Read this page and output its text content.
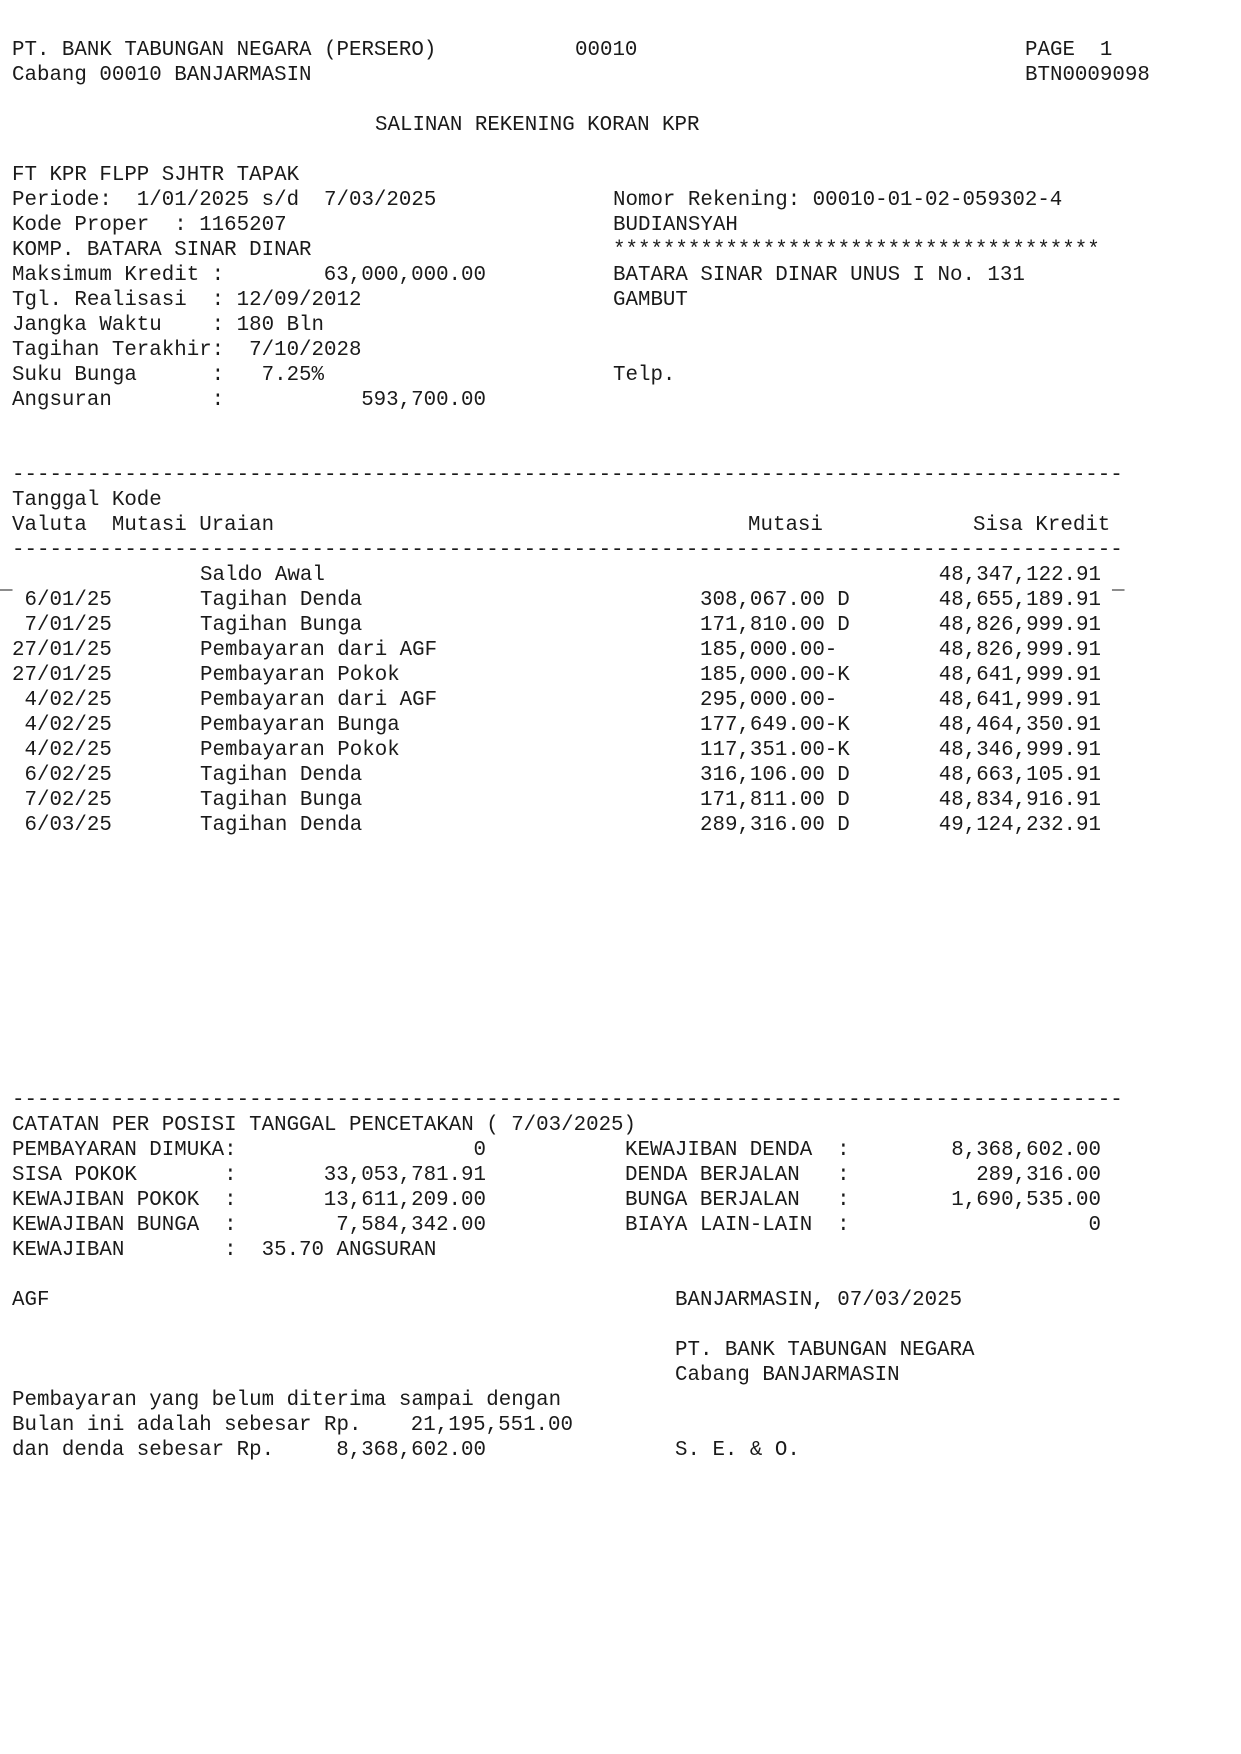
PT. BANK TABUNGAN NEGARA (PERSERO)	00010	PAGE  1
Cabang 00010 BANJARMASIN	BTN0009098
SALINAN REKENING KORAN KPR
FT KPR FLPP SJHTR TAPAK
Periode:  1/01/2025 s/d  7/03/2025
Kode Proper  : 1165207
KOMP. BATARA SINAR DINAR
Maksimum Kredit :	63,000,000.00
Tgl. Realisasi  : 12/09/2012
Jangka Waktu    : 180 Bln
Tagihan Terakhir:  7/10/2028
Suku Bunga      :   7.25%
Angsuran        :	593,700.00
Nomor Rekening: 00010-01-02-059302-4
BUDIANSYAH
***************************************
BATARA SINAR DINAR UNUS I No. 131
GAMBUT
Telp.
-----------------------------------------------------------------------------------------
Tanggal Kode
Valuta  Mutasi Uraian	Mutasi	Sisa Kredit
-----------------------------------------------------------------------------------------
Saldo Awal	48,347,122.91
6/01/25	Tagihan Denda	308,067.00 D	48,655,189.91
7/01/25	Tagihan Bunga	171,810.00 D	48,826,999.91
27/01/25	Pembayaran dari AGF	185,000.00-	48,826,999.91
27/01/25	Pembayaran Pokok	185,000.00-K	48,641,999.91
4/02/25	Pembayaran dari AGF	295,000.00-	48,641,999.91
4/02/25	Pembayaran Bunga	177,649.00-K	48,464,350.91
4/02/25	Pembayaran Pokok	117,351.00-K	48,346,999.91
6/02/25	Tagihan Denda	316,106.00 D	48,663,105.91
7/02/25	Tagihan Bunga	171,811.00 D	48,834,916.91
6/03/25	Tagihan Denda	289,316.00 D	49,124,232.91
_	_
-----------------------------------------------------------------------------------------
CATATAN PER POSISI TANGGAL PENCETAKAN ( 7/03/2025)
PEMBAYARAN DIMUKA:	0
SISA POKOK       :	33,053,781.91
KEWAJIBAN POKOK  :	13,611,209.00
KEWAJIBAN BUNGA  :	7,584,342.00
KEWAJIBAN        :  35.70 ANGSURAN
KEWAJIBAN DENDA  :	8,368,602.00
DENDA BERJALAN   :	289,316.00
BUNGA BERJALAN   :	1,690,535.00
BIAYA LAIN-LAIN  :	0
AGF	BANJARMASIN, 07/03/2025
PT. BANK TABUNGAN NEGARA
Cabang BANJARMASIN
Pembayaran yang belum diterima sampai dengan
Bulan ini adalah sebesar Rp. 21,195,551.00
dan denda sebesar Rp.	8,368,602.00	S. E. & O.
